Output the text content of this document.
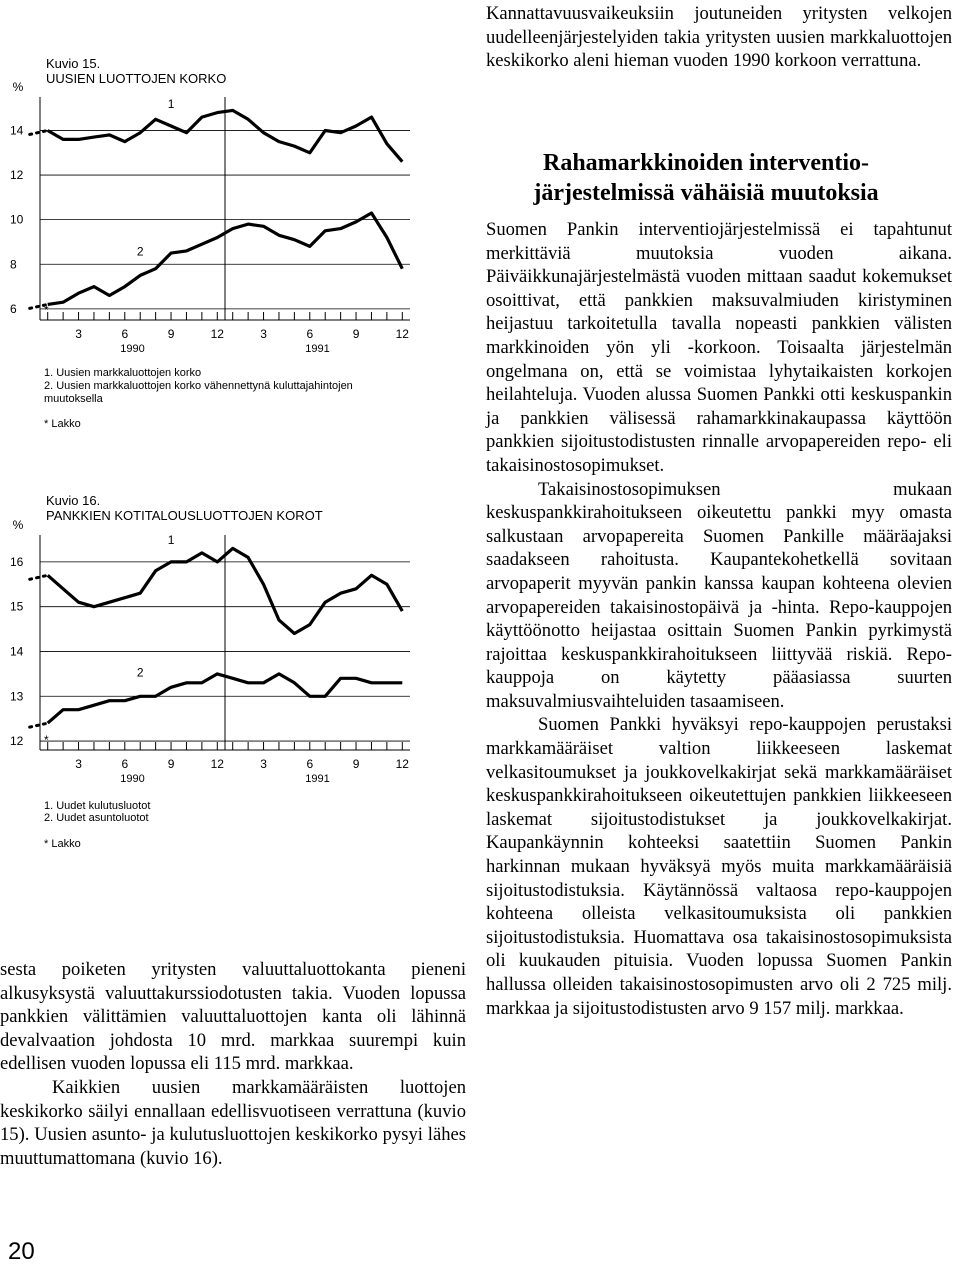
20
Kuvio 15.
UUSIEN LUOTTOJEN KORKO
%
6
8
10
12
14
3	6	9	12	3	6	9	12
1990	1991
1
2
*
1. Uusien markkaluottojen korko
2. Uusien markkaluottojen korko vähennettynä kuluttajahintojen muutoksella
* Lakko
Kuvio 16.
PANKKIEN KOTITALOUSLUOTTOJEN KOROT
%
12
13
14
15
16
3	6	9	12	3	6	9	12
1990	1991
1
2
*
1. Uudet kulutusluotot
2. Uudet asuntoluotot
* Lakko

sesta poiketen yritysten valuuttaluottokanta pieneni alkusyksystä valuuttakurssiodotusten takia. Vuoden lopussa pankkien välittämien valuuttaluottojen kanta oli lähinnä devalvaation johdosta 10 mrd. markkaa suurempi kuin edellisen vuoden lopussa eli 115 mrd. markkaa.

Kaikkien uusien markkamääräisten luottojen keskikorko säilyi ennallaan edellisvuotiseen verrattuna (kuvio 15). Uusien asunto- ja kulutusluottojen keskikorko pysyi lähes muuttumattomana (kuvio 16).

Kannattavuusvaikeuksiin joutuneiden yritysten velkojen uudelleenjärjestelyiden takia yritysten uusien markkaluottojen keskikorko aleni hieman vuoden 1990 korkoon verrattuna.

Rahamarkkinoiden interventio-
järjestelmissä vähäisiä muutoksia

Suomen Pankin interventiojärjestelmissä ei tapahtunut merkittäviä muutoksia vuoden aikana. Päiväikkunajärjestelmästä vuoden mittaan saadut kokemukset osoittivat, että pankkien maksuvalmiuden kiristyminen heijastuu tarkoitetulla tavalla nopeasti pankkien välisten markkinoiden yön yli -korkoon. Toisaalta järjestelmän ongelmana on, että se voimistaa lyhytaikaisten korkojen heilahteluja. Vuoden alussa Suomen Pankki otti keskuspankin ja pankkien välisessä rahamarkkinakaupassa käyttöön pankkien sijoitustodistusten rinnalle arvopapereiden repo- eli takaisinostosopimukset.

Takaisinostosopimuksen mukaan keskuspankkirahoitukseen oikeutettu pankki myy omasta salkustaan arvopapereita Suomen Pankille määräajaksi saadakseen rahoitusta. Kaupantekohetkellä sovitaan arvopaperit myyvän pankin kanssa kaupan kohteena olevien arvopapereiden takaisinostopäivä ja -hinta. Repo-kauppojen käyttöönotto heijastaa osittain Suomen Pankin pyrkimystä rajoittaa keskuspankkirahoitukseen liittyvää riskiä. Repo-kauppoja on käytetty pääasiassa suurten maksuvalmiusvaihteluiden tasaamiseen.

Suomen Pankki hyväksyi repo-kauppojen perustaksi markkamääräiset valtion liikkeeseen laskemat velkasitoumukset ja joukkovelkakirjat sekä markkamääräiset keskuspankkirahoitukseen oikeutettujen pankkien liikkeeseen laskemat sijoitustodistukset ja joukkovelkakirjat. Kaupankäynnin kohteeksi saatettiin Suomen Pankin harkinnan mukaan hyväksyä myös muita markkamääräisiä sijoitustodistuksia. Käytännössä valtaosa repo-kauppojen kohteena olleista velkasitoumuksista oli pankkien sijoitustodistuksia. Huomattava osa takaisinostosopimuksista oli kuukauden pituisia. Vuoden lopussa Suomen Pankin hallussa olleiden takaisinostosopimusten arvo oli 2 725 milj. markkaa ja sijoitustodistusten arvo 9 157 milj. markkaa.
